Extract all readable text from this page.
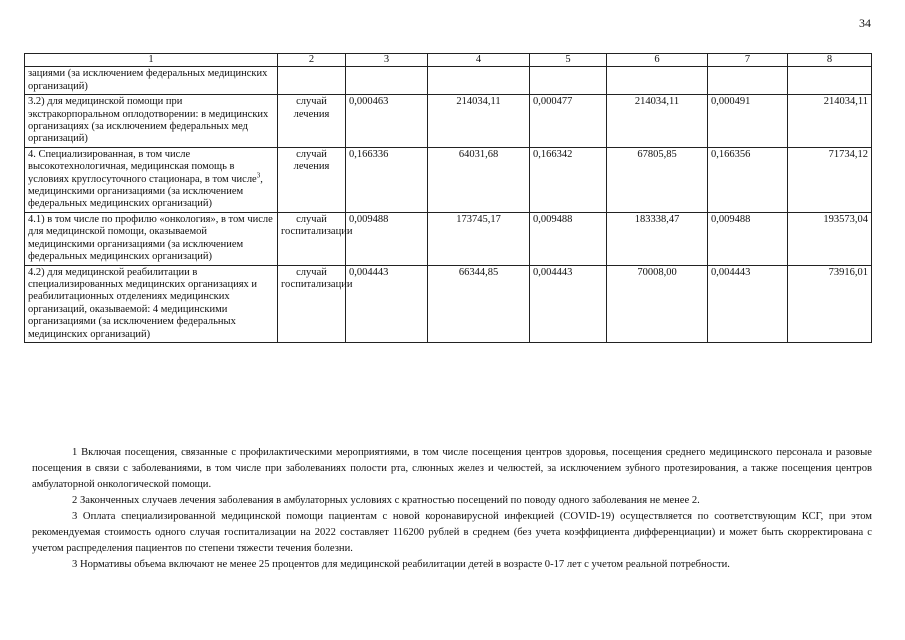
34
1	2	3	4	5	6	7	8
зациями (за исключением федеральных медицинских организаций)							
3.2) для медицинской помощи при экстракорпоральном оплодотворении: в медицинских организациях (за исключением федеральных мед организаций)	случай лечения	0,000463	214034,11	0,000477	214034,11	0,000491	214034,11
4. Специализированная, в том числе высокотехнологичная, медицинская помощь в условиях круглосуточного стационара, в том числе$^3$, медицинскими организациями (за исключением федеральных медицинских организаций)	случай лечения	0,166336	64031,68	0,166342	67805,85	0,166356	71734,12
4.1) в том числе по профилю «онкология», в том числе для медицинской помощи, оказываемой медицинскими организациями (за исключением федеральных медицинских организаций)	случай госпитализации	0,009488	173745,17	0,009488	183338,47	0,009488	193573,04
4.2) для медицинской реабилитации в специализированных медицинских организациях и реабилитационных отделениях медицинских организаций, оказываемой: 4 медицинскими организациями (за исключением федеральных медицинских организаций)	случай госпитализации	0,004443	66344,85	0,004443	70008,00	0,004443	73916,01

1 Включая посещения, связанные с профилактическими мероприятиями, в том числе посещения центров здоровья, посещения среднего медицинского персонала и разовые посещения в связи с заболеваниями, в том числе при заболеваниях полости рта, слюнных желез и челюстей, за исключением зубного протезирования, а также посещения центров амбулаторной онкологической помощи.

2 Законченных случаев лечения заболевания в амбулаторных условиях с кратностью посещений по поводу одного заболевания не менее 2.

3 Оплата специализированной медицинской помощи пациентам с новой коронавирусной инфекцией (COVID-19) осуществляется по соответствующим КСГ, при этом рекомендуемая стоимость одного случая госпитализации на 2022 составляет 116200 рублей в среднем (без учета коэффициента дифференциации) и может быть скорректирована с учетом распределения пациентов по степени тяжести течения болезни.

3 Нормативы объема включают не менее 25 процентов для медицинской реабилитации детей в возрасте 0-17 лет с учетом реальной потребности.
